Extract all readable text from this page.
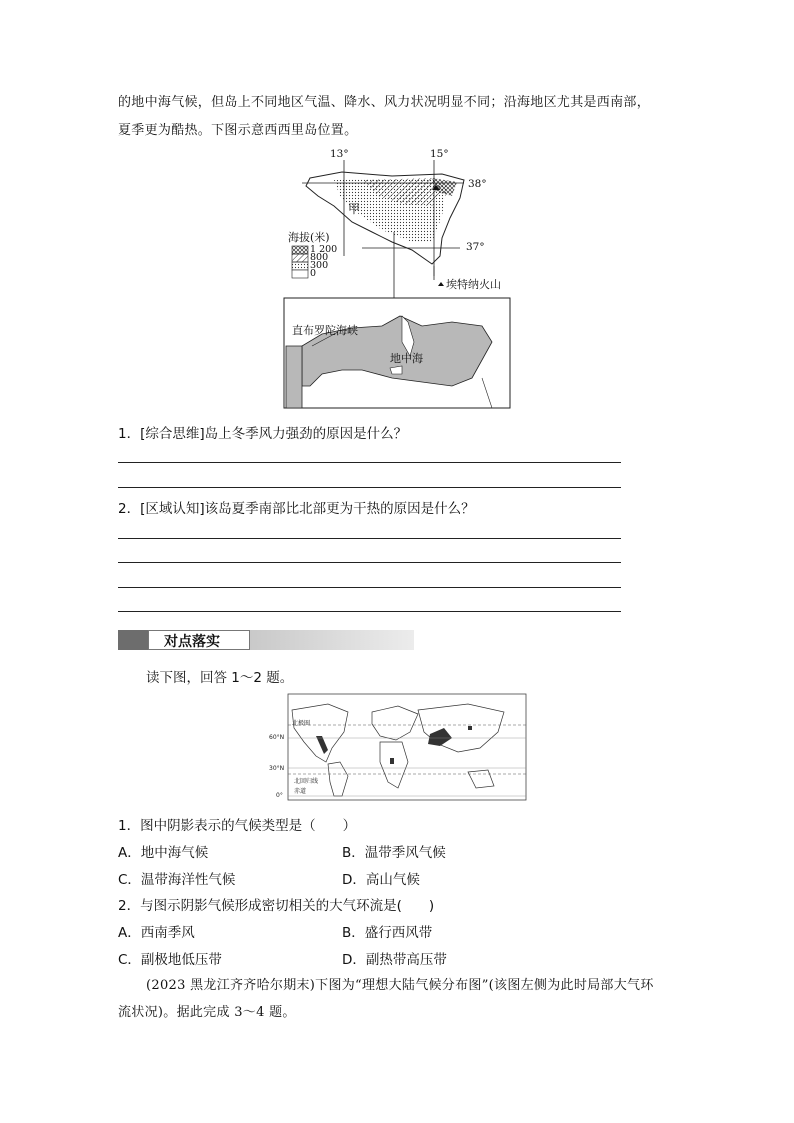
的地中海气候，但岛上不同地区气温、降水、风力状况明显不同；沿海地区尤其是西南部，
夏季更为酷热。下图示意西西里岛位置。
13°	15°
38°
37°
甲
海拔(米)
1 200
800
300
0
埃特纳火山
直布罗陀海峡
地中海
1．[综合思维]岛上冬季风力强劲的原因是什么？
2．[区域认知]该岛夏季南部比北部更为干热的原因是什么？
对点落实
读下图，回答 1～2 题。
北极圈
60°N
30°N
北回归线
赤道
0°
1．图中阴影表示的气候类型是（　　）
A．地中海气候	B．温带季风气候
C．温带海洋性气候	D．高山气候
2．与图示阴影气候形成密切相关的大气环流是(　　)
A．西南季风	B．盛行西风带
C．副极地低压带	D．副热带高压带
(2023 黑龙江齐齐哈尔期末)下图为“理想大陆气候分布图”(该图左侧为此时局部大气环
流状况)。据此完成 3～4 题。
